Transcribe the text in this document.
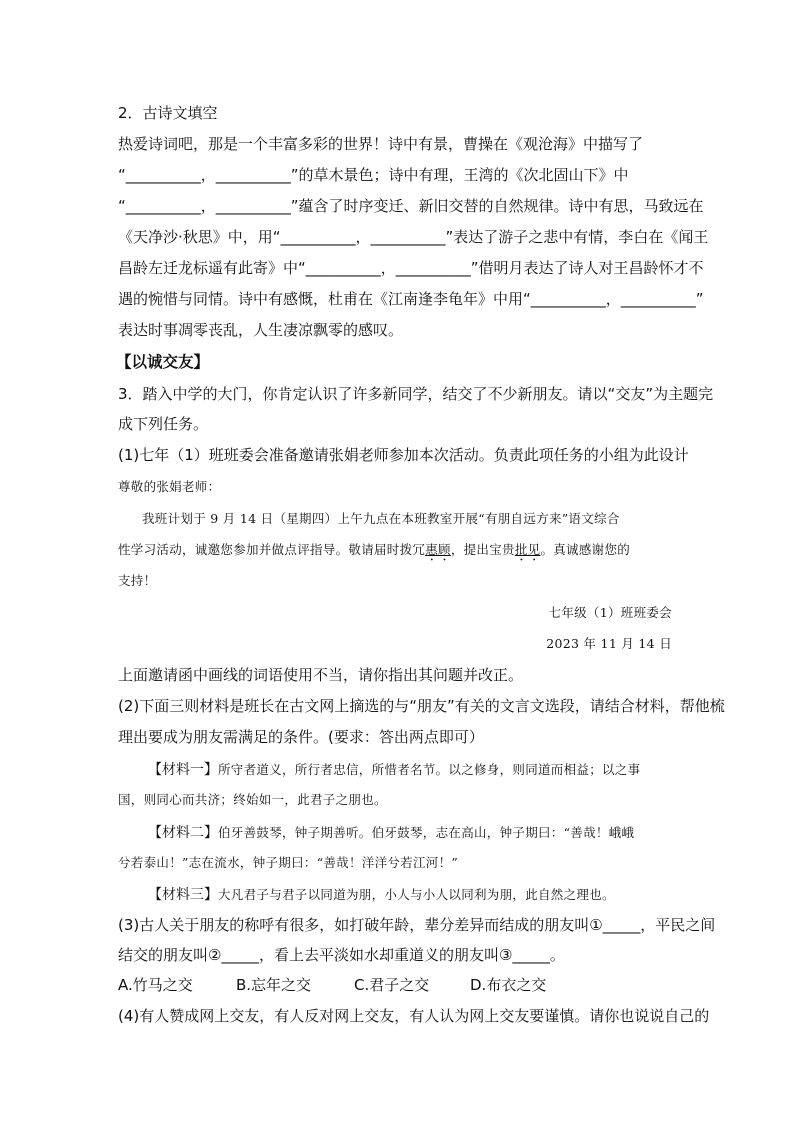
2．古诗文填空
热爱诗词吧，那是一个丰富多彩的世界！诗中有景，曹操在《观沧海》中描写了
“__________，__________”的草木景色；诗中有理，王湾的《次北固山下》中
“__________，__________”蕴含了时序变迁、新旧交替的自然规律。诗中有思，马致远在
《天净沙·秋思》中，用“__________，__________”表达了游子之悲中有情，李白在《闻王
昌龄左迁龙标遥有此寄》中“__________，__________”借明月表达了诗人对王昌龄怀才不
遇的惋惜与同情。诗中有感慨，杜甫在《江南逢李龟年》中用“__________，__________”
表达时事凋零丧乱，人生凄凉飘零的感叹。
【以诚交友】
3．踏入中学的大门，你肯定认识了许多新同学，结交了不少新朋友。请以“交友”为主题完
成下列任务。
(1)七年（1）班班委会准备邀请张娟老师参加本次活动。负责此项任务的小组为此设计
尊敬的张娟老师：
我班计划于 9 月 14 日（星期四）上午九点在本班教室开展“有朋自远方来”语文综合
性学习活动，诚邀您参加并做点评指导。敬请届时拨冗惠顾，提出宝贵批见。真诚感谢您的
支持！
七年级（1）班班委会
2023 年 11 月 14 日
上面邀请函中画线的词语使用不当，请你指出其问题并改正。
(2)下面三则材料是班长在古文网上摘选的与“朋友”有关的文言文选段，请结合材料，帮他梳
理出要成为朋友需满足的条件。(要求：答出两点即可）
【材料一】所守者道义，所行者忠信，所惜者名节。以之修身，则同道而相益；以之事
国，则同心而共济；终始如一，此君子之朋也。
【材料二】伯牙善鼓琴，钟子期善听。伯牙鼓琴，志在高山，钟子期曰：“善哉！峨峨
兮若泰山！”志在流水，钟子期曰：“善哉！洋洋兮若江河！”
【材料三】大凡君子与君子以同道为朋，小人与小人以同利为朋，此自然之理也。
(3)古人关于朋友的称呼有很多，如打破年龄，辈分差异而结成的朋友叫①_____，平民之间
结交的朋友叫②_____，看上去平淡如水却重道义的朋友叫③_____。
A.竹马之交	B.忘年之交	C.君子之交	D.布衣之交
(4)有人赞成网上交友，有人反对网上交友，有人认为网上交友要谨慎。请你也说说自己的
